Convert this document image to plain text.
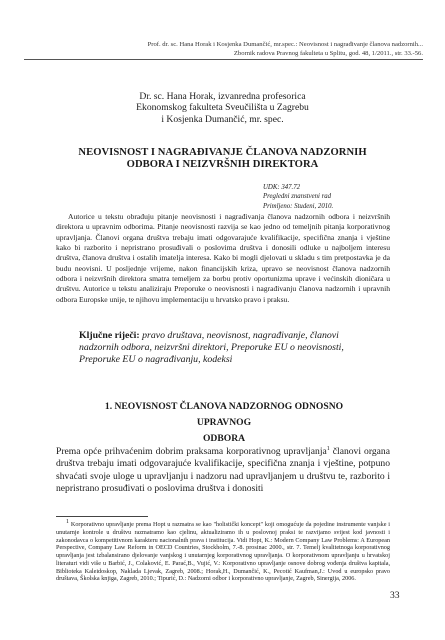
Prof. dr. sc. Hana Horak i Kosjenka Dumančić, mr.spec.: Neovisnost i nagrađivanje članova nadzornih...
Zbornik radova Pravnog fakulteta u Splitu, god. 48, 1/2011., str. 33.-56.
Dr. sc. Hana Horak, izvanredna profesorica
Ekonomskog fakulteta Sveučilišta u Zagrebu
i Kosjenka Dumančić, mr. spec.
NEOVISNOST I NAGRAĐIVANJE ČLANOVA NADZORNIH
ODBORA I NEIZVRŠNIH DIREKTORA
UDK: 347.72
Pregledni znanstveni rad
Primljeno: Studeni, 2010.

Autorice u tekstu obrađuju pitanje neovisnosti i nagrađivanja članova nadzornih odbora i neizvršnih direktora u upravnim odborima. Pitanje neovisnosti razvija se kao jedno od temeljnih pitanja korporativnog upravljanja. Članovi organa društva trebaju imati odgovarajuće kvalifikacije, specifična znanja i vještine kako bi razborito i nepristrano prosuđivali o poslovima društva i donosili odluke u najboljem interesu društva, članova društva i ostalih imatelja interesa. Kako bi mogli djelovati u skladu s tim pretpostavka je da budu neovisni. U posljednje vrijeme, nakon financijskih kriza, upravo se neovisnost članova nadzornih odbora i neizvršnih direktora smatra temeljem za borbu protiv oportunizma uprave i većinskih dioničara u društvu. Autorice u tekstu analiziraju Preporuke o neovisnosti i nagrađivanju članova nadzornih i upravnih odbora Europske unije, te njihovu implementaciju u hrvatsko pravo i praksu.

Ključne riječi: pravo društava, neovisnost, nagrađivanje, članovi nadzornih odbora, neizvršni direktori, Preporuke EU o neovisnosti, Preporuke EU o nagrađivanju, kodeksi
1. NEOVISNOST ČLANOVA NADZORNOG ODNOSNO UPRAVNOG
ODBORA

Prema opće prihvaćenim dobrim praksama korporativnog upravljanja$^1$ članovi organa društva trebaju imati odgovarajuće kvalifikacije, specifična znanja i vještine, potpuno shvaćati svoje uloge u upravljanju i nadzoru nad upravljanjem u društvu te, razborito i nepristrano prosuđivati o poslovima društva i donositi

1 Korporativno upravljanje prema Hopt u razmatra se kao "holistički koncept" koji omogućuje da pojedine instrumente vanjske i unutarnje kontrole u društvu razmatramo kao cjelinu, aktualiziramo ih u poslovnoj praksi te razvijamo svijest kod javnosti i zakonodavca o kompetitivnom karakteru nacionalnih prava i institucija. Vidi Hopt, K.: Modern Company Law Problems: A European Perspective, Company Law Reform in OECD Countries, Stockholm, 7.-8. prosinac 2000., str. 7. Temelj kvalitetnoga korporativnog upravljanja jest izbalansirano djelovanje vanjskog i unutarnjeg korporativnog upravljanja. O korporativnom upravljanju u hrvatskoj literaturi vidi više u Barbić, J., Colaković, E. Parać,B., Vujić, V.: Korporativno upravljanje osnove dobrog vođenja društva kapitala, Biblioteka Kaleidoskop, Naklada Ljevak, Zagreb, 2008.; Horak,H., Dumančić, K., Pecotić Kaufman,J.: Uvod u europsko pravo društava, Školska knjiga, Zagreb, 2010.; Tipurić, D.: Nadzorni odbor i korporativno upravljanje, Zagreb, Sinergija, 2006.

33
